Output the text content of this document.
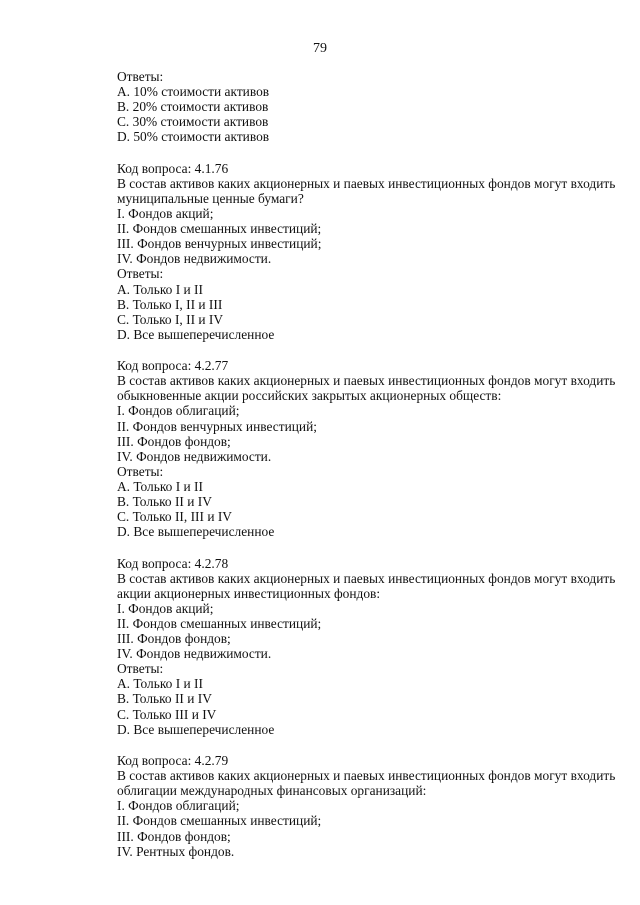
79
Ответы:
A. 10% стоимости активов
B. 20% стоимости активов
C. 30% стоимости активов
D. 50% стоимости активов
Код вопроса: 4.1.76
В состав активов каких акционерных и паевых инвестиционных фондов могут входить
муниципальные ценные бумаги?
I. Фондов акций;
II. Фондов смешанных инвестиций;
III. Фондов венчурных инвестиций;
IV. Фондов недвижимости.
Ответы:
A. Только I и II
B. Только I, II и III
C. Только I, II и IV
D. Все вышеперечисленное
Код вопроса: 4.2.77
В состав активов каких акционерных и паевых инвестиционных фондов могут входить
обыкновенные акции российских закрытых акционерных обществ:
I. Фондов облигаций;
II. Фондов венчурных инвестиций;
III. Фондов фондов;
IV. Фондов недвижимости.
Ответы:
A. Только I и II
B. Только II и IV
C. Только II, III и IV
D. Все вышеперечисленное
Код вопроса: 4.2.78
В состав активов каких акционерных и паевых инвестиционных фондов могут входить
акции акционерных инвестиционных фондов:
I. Фондов акций;
II. Фондов смешанных инвестиций;
III. Фондов фондов;
IV. Фондов недвижимости.
Ответы:
A. Только I и II
B. Только II и IV
C. Только III и IV
D. Все вышеперечисленное
Код вопроса: 4.2.79
В состав активов каких акционерных и паевых инвестиционных фондов могут входить
облигации международных финансовых организаций:
I. Фондов облигаций;
II. Фондов смешанных инвестиций;
III. Фондов фондов;
IV. Рентных фондов.
